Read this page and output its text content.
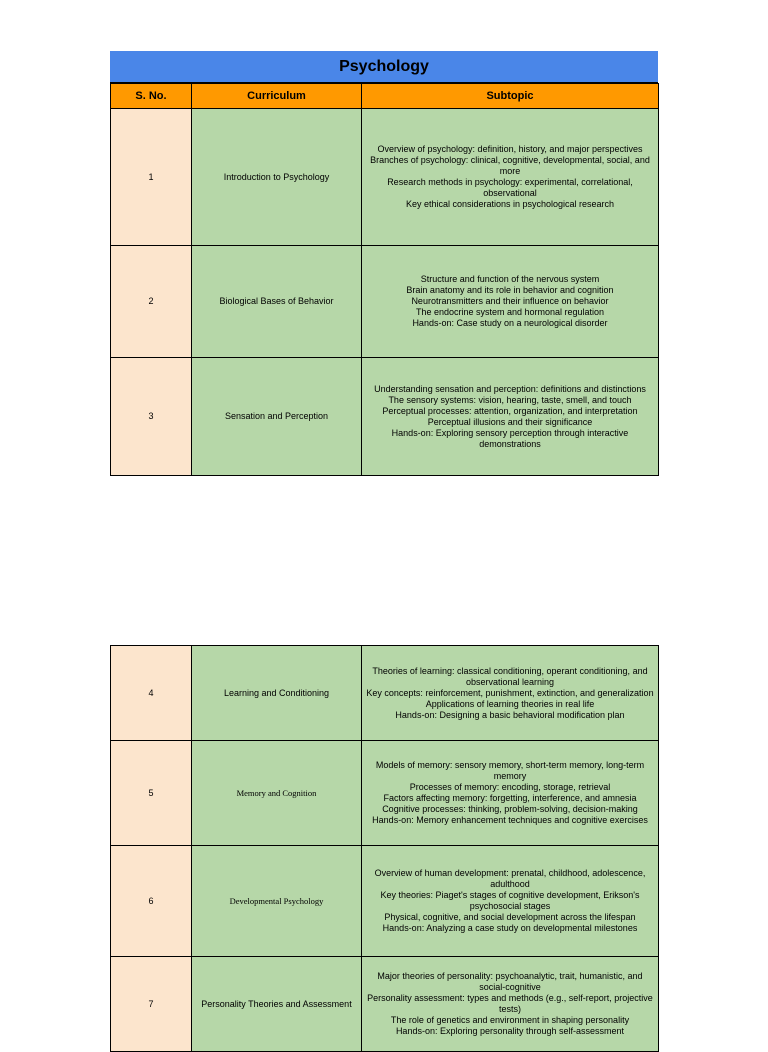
Psychology
S. No.	Curriculum	Subtopic
1	Introduction to Psychology	Overview of psychology: definition, history, and major perspectives
Branches of psychology: clinical, cognitive, developmental, social, and more
Research methods in psychology: experimental, correlational, observational
Key ethical considerations in psychological research

2	Biological Bases of Behavior	Structure and function of the nervous system
Brain anatomy and its role in behavior and cognition
Neurotransmitters and their influence on behavior
The endocrine system and hormonal regulation
Hands-on: Case study on a neurological disorder

3	Sensation and Perception	Understanding sensation and perception: definitions and distinctions
The sensory systems: vision, hearing, taste, smell, and touch
Perceptual processes: attention, organization, and interpretation
Perceptual illusions and their significance
Hands-on: Exploring sensory perception through interactive demonstrations
4	Learning and Conditioning	Theories of learning: classical conditioning, operant conditioning, and observational learning
Key concepts: reinforcement, punishment, extinction, and generalization
Applications of learning theories in real life
Hands-on: Designing a basic behavioral modification plan

5	Memory and Cognition	Models of memory: sensory memory, short-term memory, long-term memory
Processes of memory: encoding, storage, retrieval
Factors affecting memory: forgetting, interference, and amnesia
Cognitive processes: thinking, problem-solving, decision-making
Hands-on: Memory enhancement techniques and cognitive exercises

6	Developmental Psychology	Overview of human development: prenatal, childhood, adolescence, adulthood
Key theories: Piaget's stages of cognitive development, Erikson's psychosocial stages
Physical, cognitive, and social development across the lifespan
Hands-on: Analyzing a case study on developmental milestones

7	Personality Theories and Assessment	Major theories of personality: psychoanalytic, trait, humanistic, and social-cognitive
Personality assessment: types and methods (e.g., self-report, projective tests)
The role of genetics and environment in shaping personality
Hands-on: Exploring personality through self-assessment
